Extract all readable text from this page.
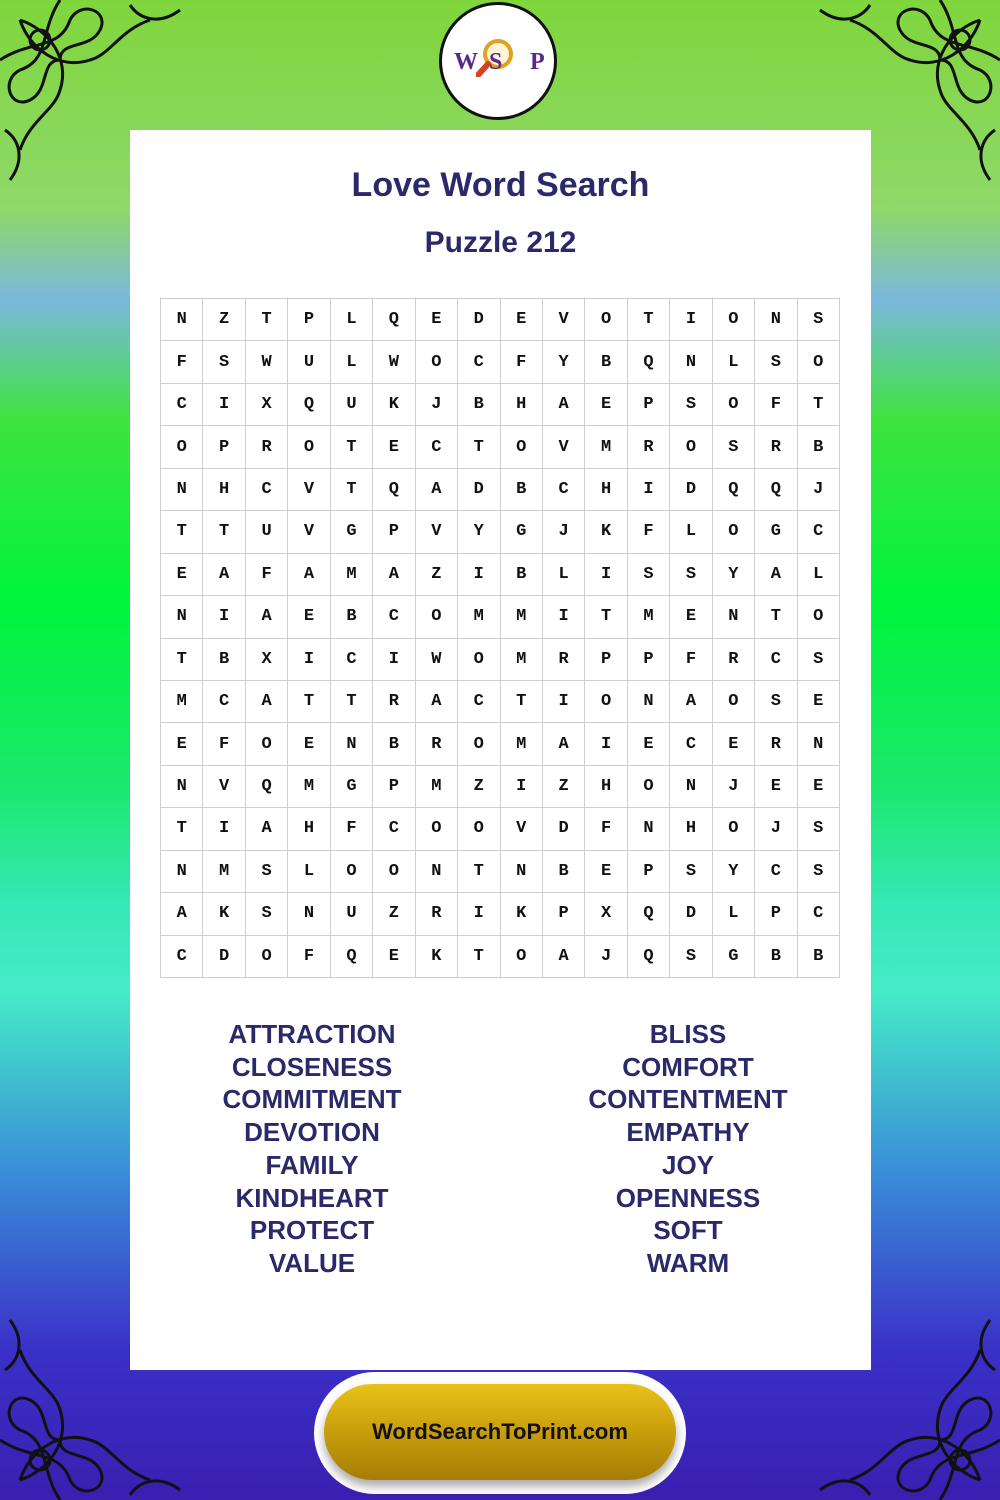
W S P
Love Word Search
Puzzle 212
N	Z	T	P	L	Q	E	D	E	V	O	T	I	O	N	S
F	S	W	U	L	W	O	C	F	Y	B	Q	N	L	S	O
C	I	X	Q	U	K	J	B	H	A	E	P	S	O	F	T
O	P	R	O	T	E	C	T	O	V	M	R	O	S	R	B
N	H	C	V	T	Q	A	D	B	C	H	I	D	Q	Q	J
T	T	U	V	G	P	V	Y	G	J	K	F	L	O	G	C
E	A	F	A	M	A	Z	I	B	L	I	S	S	Y	A	L
N	I	A	E	B	C	O	M	M	I	T	M	E	N	T	O
T	B	X	I	C	I	W	O	M	R	P	P	F	R	C	S
M	C	A	T	T	R	A	C	T	I	O	N	A	O	S	E
E	F	O	E	N	B	R	O	M	A	I	E	C	E	R	N
N	V	Q	M	G	P	M	Z	I	Z	H	O	N	J	E	E
T	I	A	H	F	C	O	O	V	D	F	N	H	O	J	S
N	M	S	L	O	O	N	T	N	B	E	P	S	Y	C	S
A	K	S	N	U	Z	R	I	K	P	X	Q	D	L	P	C
C	D	O	F	Q	E	K	T	O	A	J	Q	S	G	B	B
ATTRACTION
CLOSENESS
COMMITMENT
DEVOTION
FAMILY
KINDHEART
PROTECT
VALUE
BLISS
COMFORT
CONTENTMENT
EMPATHY
JOY
OPENNESS
SOFT
WARM
WordSearchToPrint.com
